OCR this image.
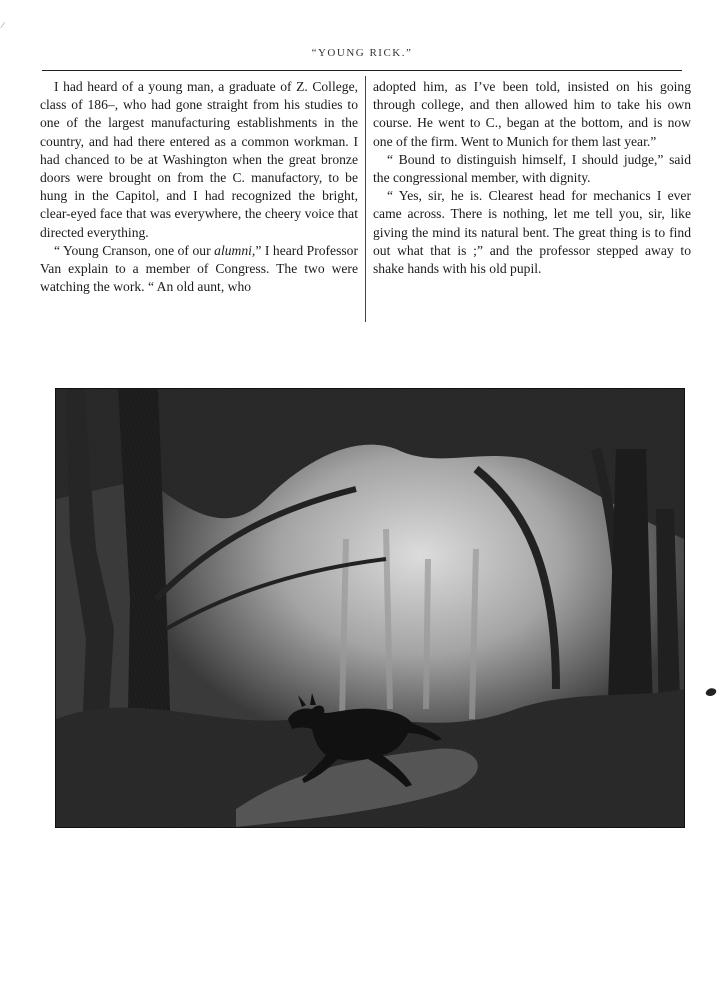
∕
“YOUNG RICK.”

I had heard of a young man, a graduate of Z. College, class of 186–, who had gone straight from his studies to one of the largest manufacturing establishments in the country, and had there entered as a common workman. I had chanced to be at Washington when the great bronze doors were brought on from the C. manufactory, to be hung in the Capitol, and I had recognized the bright, clear-eyed face that was everywhere, the cheery voice that directed everything.

“ Young Cranson, one of our alumni,” I heard Professor Van explain to a member of Congress. The two were watching the work. “ An old aunt, who

adopted him, as I’ve been told, insisted on his going through college, and then allowed him to take his own course. He went to C., began at the bottom, and is now one of the firm. Went to Munich for them last year.”

“ Bound to distinguish himself, I should judge,” said the congressional member, with dignity.

“ Yes, sir, he is. Clearest head for mechanics I ever came across. There is nothing, let me tell you, sir, like giving the mind its natural bent. The great thing is to find out what that is ;” and the professor stepped away to shake hands with his old pupil.
